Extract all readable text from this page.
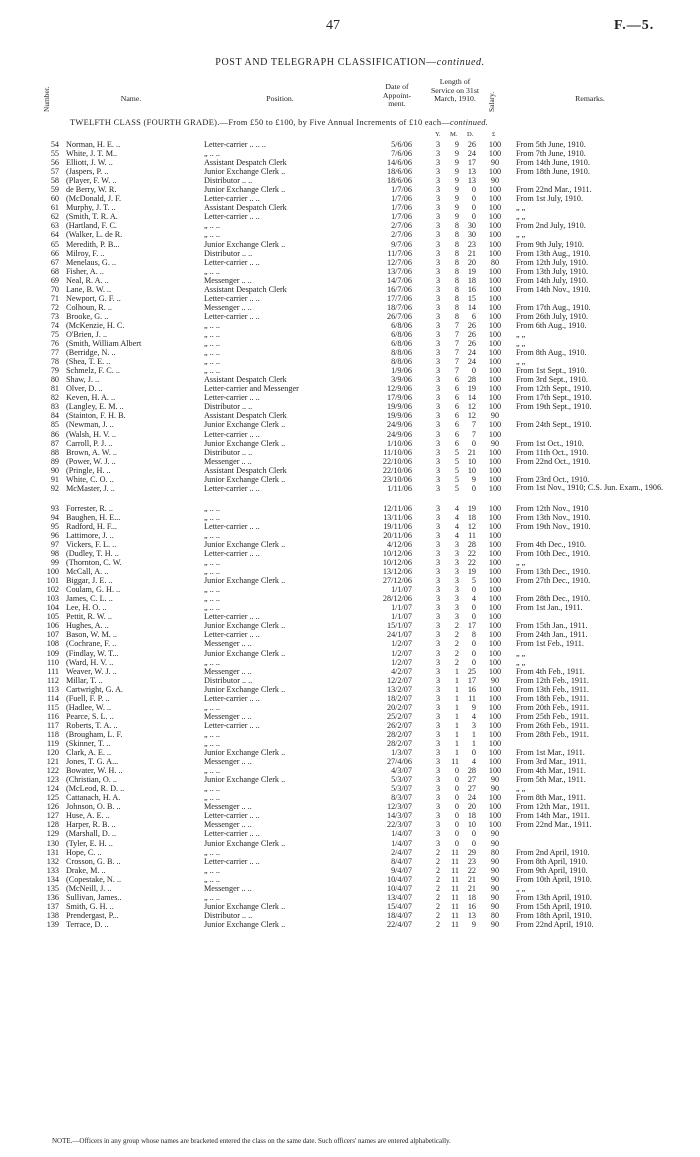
47	F.—5.
POST AND TELEGRAPH CLASSIFICATION—continued.
Number.	Name.	Position.
Date of Appoint- ment.
Length of Service on 31st March, 1910.	Salary.	Remarks.
TWELFTH CLASS (FOURTH GRADE).—From £50 to £100, by Five Annual Increments of £10 each—continued.
Y. M. D.	£
54 Norman, H. E. ..	Letter-carrier .. .. ..	5/6/06	3	9	26	100	From 5th June, 1910.
55 White, J. T. M..	„ .. ..	7/6/06	3	9	24	100	From 7th June, 1910.
56 Elliott, J. W. ..	Assistant Despatch Clerk	14/6/06	3	9	17	90	From 14th June, 1910.
57 (Jaspers, P. ..	Junior Exchange Clerk ..	18/6/06	3	9	13	100	From 18th June, 1910.
58 (Player, F. W. ..	Distributor .. ..	18/6/06	3	9	13	90
59 de Berry, W. R.	Junior Exchange Clerk ..	1/7/06	3	9	0	100	From 22nd Mar., 1911.
60 (McDonald, J. F.	Letter-carrier .. ..	1/7/06	3	9	0	100	From 1st July, 1910.
61 Murphy, J. T. ..	Assistant Despatch Clerk	1/7/06	3	9	0	100	„ „
62 (Smith, T. R. A.	Letter-carrier .. ..	1/7/06	3	9	0	100	„ „
63 (Hartland, F. C.	„ .. ..	2/7/06	3	8	30	100	From 2nd July, 1910.
64 (Walker, L. de R.	„ .. ..	2/7/06	3	8	30	100	„ „
65 Meredith, P. B...	Junior Exchange Clerk ..	9/7/06	3	8	23	100	From 9th July, 1910.
66 Milroy, F. ..	Distributor .. ..	11/7/06	3	8	21	100	From 13th Aug., 1910.
67 Menelaus, G. ..	Letter-carrier .. ..	12/7/06	3	8	20	80	From 12th July, 1910.
68 Fisher, A. ..	„ .. ..	13/7/06	3	8	19	100	From 13th July, 1910.
69 Neal, R. A. ..	Messenger .. ..	14/7/06	3	8	18	100	From 14th July, 1910.
70 Lane, B. W. ..	Assistant Despatch Clerk	16/7/06	3	8	16	100	From 14th Nov., 1910.
71 Newport, G. F. ..	Letter-carrier .. ..	17/7/06	3	8	15	100
72 Colhoun, R. ..	Messenger .. ..	18/7/06	3	8	14	100	From 17th Aug., 1910.
73 Brooke, G. ..	Letter-carrier .. ..	26/7/06	3	8	6	100	From 26th July, 1910.
74 (McKenzie, H. C.	„ .. ..	6/8/06	3	7	26	100	From 6th Aug., 1910.
75 O'Brien, J. ..	„ .. ..	6/8/06	3	7	26	100	„ „
76 (Smith, William Albert	„ .. ..	6/8/06	3	7	26	100	„ „
77 (Berridge, N. ..	„ .. ..	8/8/06	3	7	24	100	From 8th Aug., 1910.
78 (Shea, T. E. ..	„ .. ..	8/8/06	3	7	24	100	„ „
79 Schmelz, F. C. ..	„ .. ..	1/9/06	3	7	0	100	From 1st Sept., 1910.
80 Shaw, J. ..	Assistant Despatch Clerk	3/9/06	3	6	28	100	From 3rd Sept., 1910.
81 Olver, D. ..	Letter-carrier and Messenger	12/9/06	3	6	19	100	From 12th Sept., 1910.
82 Keven, H. A. ..	Letter-carrier .. ..	17/9/06	3	6	14	100	From 17th Sept., 1910.
83 (Langley, E. M. ..	Distributor .. ..	19/9/06	3	6	12	100	From 19th Sept., 1910.
84 (Stainton, F. H. B.	Assistant Despatch Clerk	19/9/06	3	6	12	90
85 (Newman, J. ..	Junior Exchange Clerk ..	24/9/06	3	6	7	100	From 24th Sept., 1910.
86 (Walsh, H. V. ..	Letter-carrier .. ..	24/9/06	3	6	7	100
87 Carroll, P. J. ..	Junior Exchange Clerk ..	1/10/06	3	6	0	90	From 1st Oct., 1910.
88 Brown, A. W. ..	Distributor .. ..	11/10/06	3	5	21	100	From 11th Oct., 1910.
89 (Power, W. J. ..	Messenger .. ..	22/10/06	3	5	10	100	From 22nd Oct., 1910.
90 (Pringle, H. ..	Assistant Despatch Clerk	22/10/06	3	5	10	100
91 White, C. O. ..	Junior Exchange Clerk ..	23/10/06	3	5	9	100	From 23rd Oct., 1910.
92 McMaster, J. ..	Letter-carrier .. ..	1/11/06	3	5	0	100	From 1st Nov., 1910; C.S. Jun. Exam., 1906.
93 Forrester, R. ..	„ .. ..	12/11/06	3	4	19	100	From 12th Nov., 1910
94 Baughen, H. E...	„ .. ..	13/11/06	3	4	18	100	From 13th Nov., 1910.
95 Radford, H. F...	Letter-carrier .. ..	19/11/06	3	4	12	100	From 19th Nov., 1910.
96 Lattimore, J. ..	„ .. ..	20/11/06	3	4	11	100
97 Vickers, F. L. ..	Junior Exchange Clerk ..	4/12/06	3	3	28	100	From 4th Dec., 1910.
98 (Dudley, T. H. ..	Letter-carrier .. ..	10/12/06	3	3	22	100	From 10th Dec., 1910.
99 (Thornton, C. W.	„ .. ..	10/12/06	3	3	22	100	„ „
100 McCall, A. ..	„ .. ..	13/12/06	3	3	19	100	From 13th Dec., 1910.
101 Biggar, J. E. ..	Junior Exchange Clerk ..	27/12/06	3	3	5	100	From 27th Dec., 1910.
102 Coulam, G. H. ..	„ .. ..	1/1/07	3	3	0	100
103 James, C. L. ..	„ .. ..	28/12/06	3	3	4	100	From 28th Dec., 1910.
104 Lee, H. O. ..	„ .. ..	1/1/07	3	3	0	100	From 1st Jan., 1911.
105 Pettit, R. W. ..	Letter-carrier .. ..	1/1/07	3	3	0	100
106 Hughes, A. ..	Junior Exchange Clerk ..	15/1/07	3	2	17	100	From 15th Jan., 1911.
107 Bason, W. M. ..	Letter-carrier .. ..	24/1/07	3	2	8	100	From 24th Jan., 1911.
108 (Cochrane, F. ..	Messenger .. ..	1/2/07	3	2	0	100	From 1st Feb., 1911.
109 (Findlay, W. T...	Junior Exchange Clerk ..	1/2/07	3	2	0	100	„ „
110 (Ward, H. V. ..	„ .. ..	1/2/07	3	2	0	100	„ „
111 Weaver, W. J. ..	Messenger .. ..	4/2/07	3	1	25	100	From 4th Feb., 1911.
112 Millar, T. ..	Distributor .. ..	12/2/07	3	1	17	90	From 12th Feb., 1911.
113 Cartwright, G. A.	Junior Exchange Clerk ..	13/2/07	3	1	16	100	From 13th Feb., 1911.
114 (Fuell, F. P. ..	Letter-carrier .. ..	18/2/07	3	1	11	100	From 18th Feb., 1911.
115 (Hadlee, W. ..	„ .. ..	20/2/07	3	1	9	100	From 20th Feb., 1911.
116 Pearce, S. L. ..	Messenger .. ..	25/2/07	3	1	4	100	From 25th Feb., 1911.
117 Roberts, T. A. ..	Letter-carrier .. ..	26/2/07	3	1	3	100	From 26th Feb., 1911.
118 (Brougham, L. F.	„ .. ..	28/2/07	3	1	1	100	From 28th Feb., 1911.
119 (Skinner, T. ..	„ .. ..	28/2/07	3	1	1	100
120 Clark, A. E. ..	Junior Exchange Clerk ..	1/3/07	3	1	0	100	From 1st Mar., 1911.
121 Jones, T. G. A...	Messenger .. ..	27/4/06	3	11	4	100	From 3rd Mar., 1911.
122 Bowater, W. H. ..	„ .. ..	4/3/07	3	0	28	100	From 4th Mar., 1911.
123 (Christian, O. ..	Junior Exchange Clerk ..	5/3/07	3	0	27	90	From 5th Mar., 1911.
124 (McLeod, R. D. ..	„ .. ..	5/3/07	3	0	27	90	„ „
125 Cattanach, H. A.	„ .. ..	8/3/07	3	0	24	100	From 8th Mar., 1911.
126 Johnson, O. B. ..	Messenger .. ..	12/3/07	3	0	20	100	From 12th Mar., 1911.
127 Huse, A. E. ..	Letter-carrier .. ..	14/3/07	3	0	18	100	From 14th Mar., 1911.
128 Harper, R. B. ..	Messenger .. ..	22/3/07	3	0	10	100	From 22nd Mar., 1911.
129 (Marshall, D. ..	Letter-carrier .. ..	1/4/07	3	0	0	90
130 (Tyler, E. H. ..	Junior Exchange Clerk ..	1/4/07	3	0	0	90
131 Hope, C. ..	„ .. ..	2/4/07	2	11	29	80	From 2nd April, 1910.
132 Crosson, G. B. ..	Letter-carrier .. ..	8/4/07	2	11	23	90	From 8th April, 1910.
133 Drake, M. ..	„ .. ..	9/4/07	2	11	22	90	From 9th April, 1910.
134 (Copestake, N. ..	„ .. ..	10/4/07	2	11	21	90	From 10th April, 1910.
135 (McNeill, J. ..	Messenger .. ..	10/4/07	2	11	21	90	„ „
136 Sullivan, James..	„ .. ..	13/4/07	2	11	18	90	From 13th April, 1910.
137 Smith, G. H. ..	Junior Exchange Clerk ..	15/4/07	2	11	16	90	From 15th April, 1910.
138 Prendergast, P...	Distributor .. ..	18/4/07	2	11	13	80	From 18th April, 1910.
139 Terrace, D. ..	Junior Exchange Clerk ..	22/4/07	2	11	9	90	From 22nd April, 1910.
NOTE.—Officers in any group whose names are bracketed entered the class on the same date. Such officers' names are entered alphabetically.
